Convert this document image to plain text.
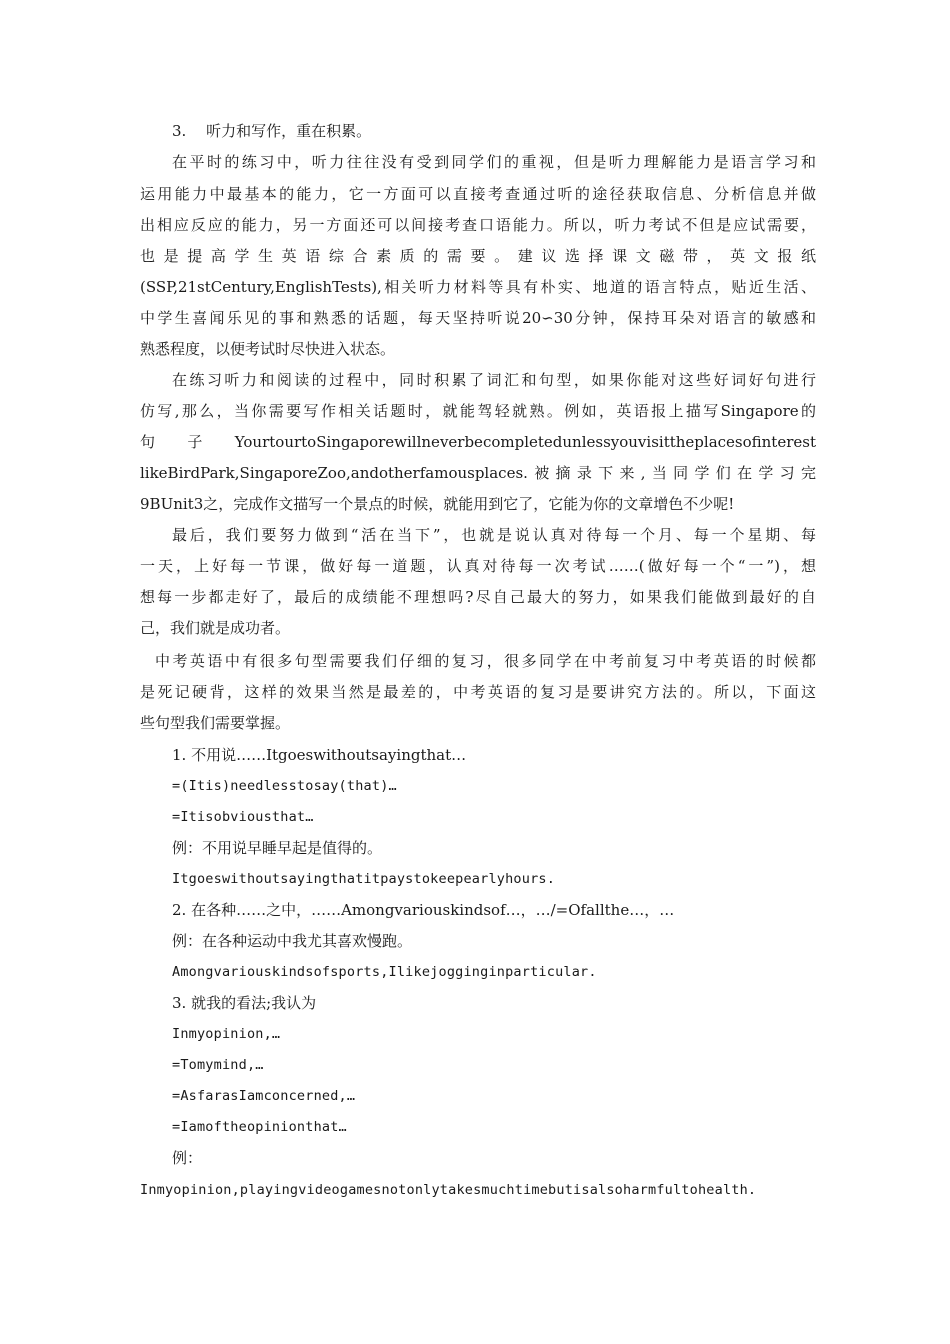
3.　 听力和写作，重在积累。
在平时的练习中，听力往往没有受到同学们的重视，但是听力理解能力是语言学习和
运用能力中最基本的能力，它一方面可以直接考查通过听的途径获取信息、分析信息并做
出相应反应的能力，另一方面还可以间接考查口语能力。所以，听力考试不但是应试需要，
也是提高学生英语综合素质的需要。建议选择课文磁带，英文报纸
(SSP,21stCentury,EnglishTests),相关听力材料等具有朴实、地道的语言特点，贴近生活、
中学生喜闻乐见的事和熟悉的话题，每天坚持听说20∽30分钟，保持耳朵对语言的敏感和
熟悉程度，以便考试时尽快进入状态。
在练习听力和阅读的过程中，同时积累了词汇和句型，如果你能对这些好词好句进行
仿写,那么，当你需要写作相关话题时，就能驾轻就熟。例如，英语报上描写Singapore的
句 子 YourtourtoSingaporewillneverbecompletedunlessyouvisittheplacesofinterest
likeBirdPark,SingaporeZoo,andotherfamousplaces.被摘录下来,当同学们在学习完
9BUnit3之，完成作文描写一个景点的时候，就能用到它了，它能为你的文章增色不少呢!
最后，我们要努力做到“活在当下”，也就是说认真对待每一个月、每一个星期、每
一天，上好每一节课，做好每一道题，认真对待每一次考试……(做好每一个“一”)，想
想每一步都走好了，最后的成绩能不理想吗?尽自己最大的努力，如果我们能做到最好的自
己，我们就是成功者。
中考英语中有很多句型需要我们仔细的复习，很多同学在中考前复习中考英语的时候都
是死记硬背，这样的效果当然是最差的，中考英语的复习是要讲究方法的。所以，下面这
些句型我们需要掌握。
1. 不用说……Itgoeswithoutsayingthat…
=(Itis)needlesstosay(that)…
=Itisobviousthat…
例：不用说早睡早起是值得的。
Itgoeswithoutsayingthatitpaystokeepearlyhours.
2. 在各种……之中，……Amongvariouskindsof…，…/=Ofallthe…，…
例：在各种运动中我尤其喜欢慢跑。
Amongvariouskindsofsports,Ilikejogginginparticular.
3. 就我的看法;我认为
Inmyopinion,…
=Tomymind,…
=AsfarasIamconcerned,…
=Iamoftheopinionthat…
例：
Inmyopinion,playingvideogamesnotonlytakesmuchtimebutisalsoharmfultohealth.
